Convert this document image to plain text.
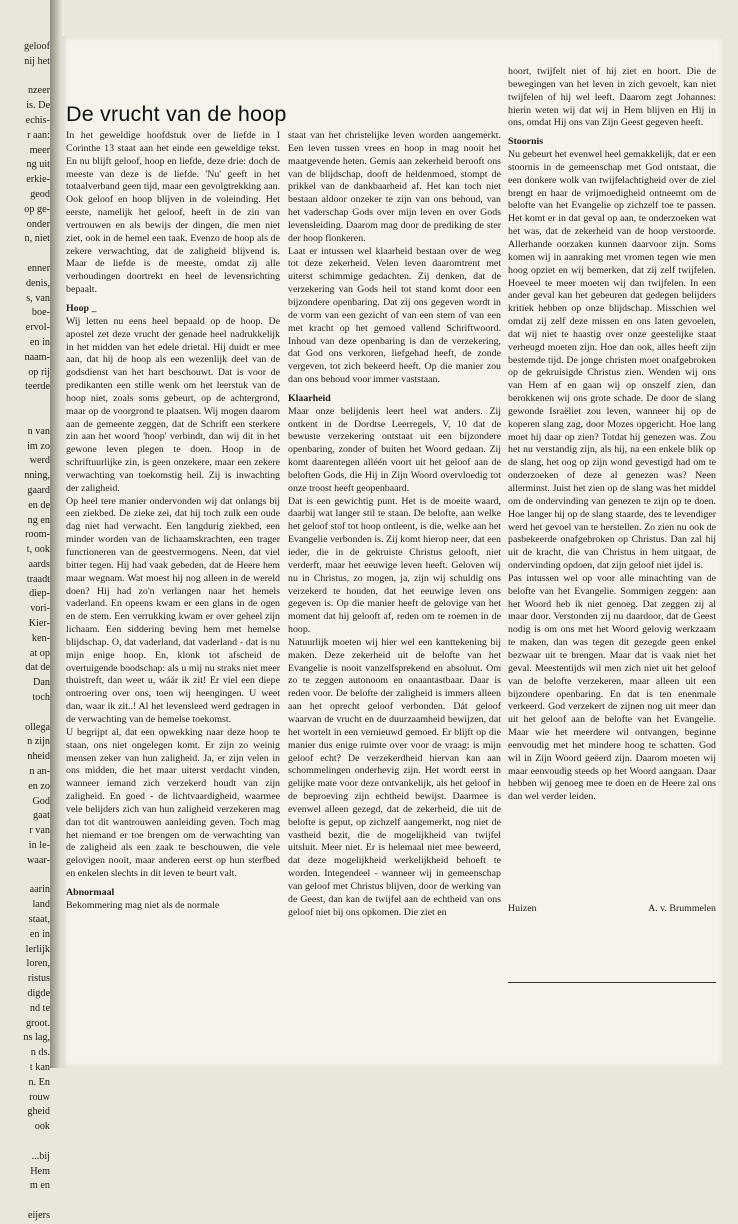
geloof
nij het
nzeer
is. De
echis-
r aan:
meer
ng uit
erkie-
geod
op ge-
onder
n, niet
enner
denis,
s, van
boe-
ervol-
en in
naam-
op rij
teerde
n van
im zo
werd
nning,
gaard
en de
ng en
room-
t, ook
aards
traadt
diep-
vori-
Kier-
ken-
at op
dat de
Dan
toch
ollega
n zijn
nheid
n an-
en zo
God
gaat
r van
in le-
waar-
aarin
land
staat,
en in
lerlijk
loren,
ristus
digde
nd te
groot.
ns lag,
n ds.
t kan
n. En
rouw
gheid
ook
...bij
Hem
m en
eijers
De vrucht van de hoop

In het geweldige hoofdstuk over de liefde in I Corinthe 13 staat aan het einde een geweldige tekst. En nu blijft geloof, hoop en liefde, deze drie: doch de meeste van deze is de liefde. 'Nu' geeft in het totaalverband geen tijd, maar een gevolgtrekking aan. Ook geloof en hoop blijven in de voleinding. Het eerste, namelijk het geloof, heeft in de zin van vertrouwen en als bewijs der dingen, die men niet ziet, ook in de hemel een taak. Evenzo de hoop als de zekere verwachting, dat de zaligheid blijvend is. Maar de liefde is de meeste, omdat zij alle verhoudingen doortrekt en heel de levensrichting bepaalt.

Hoop _

Wij letten nu eens heel bepaald op de hoop. De apostel zet deze vrucht der genade heel nadrukkelijk in het midden van het edele drietal. Hij duidt er mee aan, dat hij de hoop als een wezenlijk deel van de godsdienst van het hart beschouwt. Dat is voor de predikanten een stille wenk om het leerstuk van de hoop niet, zoals soms gebeurt, op de achtergrond, maar op de voorgrond te plaatsen. Wij mogen daarom aan de gemeente zeggen, dat de Schrift een sterkere zin aan het woord 'hoop' verbindt, dan wij dit in het gewone leven plegen te doen. Hoop in de schriftuurlijke zin, is geen onzekere, maar een zekere verwachting van toekomstig heil. Zij is inwachting der zaligheid.

Op heel tere manier ondervonden wij dat onlangs bij een ziekbed. De zieke zei, dat hij toch zulk een oude dag niet had verwacht. Een langdurig ziekbed, een minder worden van de lichaamskrachten, een trager functioneren van de geestvermogens. Neen, dat viel bitter tegen. Hij had vaak gebeden, dat de Heere hem maar wegnam. Wat moest hij nog alleen in de wereld doen? Hij had zo'n verlangen naar het hemels vaderland. En opeens kwam er een glans in de ogen en de stem. Een verrukking kwam er over geheel zijn lichaam. Een siddering beving hem met hemelse blijdschap. O, dat vaderland, dat vaderland - dat is nu mijn enige hoop. En, klonk tot afscheid de overtuigende boodschap: als u mij nu straks niet meer thuistreft, dan weet u, wáár ik zit! Er viel een diepe ontroering over ons, toen wij heengingen. U weet dan, waar ik zit..! Al het levensleed werd gedragen in de verwachting van de hemelse toekomst.

U begrijpt al, dat een opwekking naar deze hoop te staan, ons niet ongelegen komt. Er zijn zo weinig mensen zeker van hun zaligheid. Ja, er zijn velen in ons midden, die het maar uiterst verdacht vinden, wanneer iemand zich verzekerd houdt van zijn zaligheid. En goed - de lichtvaardigheid, waarmee vele belijders zich van hun zaligheid verzekeren mag dan tot dit wantrouwen aanleiding geven. Toch mag het niemand er toe brengen om de verwachting van de zaligheid als een zaak te beschouwen, die vele gelovigen nooit, maar anderen eerst op hun sterfbed en enkelen slechts in dit leven te beurt valt.

Abnormaal

Bekommering mag niet als de normale

staat van het christelijke leven worden aangemerkt. Een leven tussen vrees en hoop in mag nooit het maatgevende heten. Gemis aan zekerheid berooft ons van de blijdschap, dooft de heldenmoed, stompt de prikkel van de dankbaarheid af. Het kan toch niet bestaan aldoor onzeker te zijn van ons behoud, van het vaderschap Gods over mijn leven en over Gods levensleiding. Daarom mag door de prediking de ster der hoop flonkeren.

Laat er intussen wel klaarheid bestaan over de weg tot deze zekerheid. Velen leven daaromtrent met uiterst schimmige gedachten. Zij denken, dat de verzekering van Gods heil tot stand komt door een bijzondere openbaring. Dat zij ons gegeven wordt in de vorm van een gezicht of van een stem of van een met kracht op het gemoed vallend Schriftwoord. Inhoud van deze openbaring is dan de verzekering, dat God ons verkoren, liefgehad heeft, de zonde vergeven, tot zich bekeerd heeft. Op die manier zou dan ons behoud voor immer vaststaan.

Klaarheid

Maar onze belijdenis leert heel wat anders. Zij ontkent in de Dordtse Leerregels, V, 10 dat de bewuste verzekering ontstaat uit een bijzondere openbaring, zonder of buiten het Woord gedaan. Zij komt daarentegen alléén voort uit het geloof aan de beloften Gods, die Hij in Zijn Woord overvloedig tot onze troost heeft geopenbaard.

Dat is een gewichtig punt. Het is de moeite waard, daarbij wat langer stil te staan. De belofte, aan welke het geloof stof tot hoop ontleent, is die, welke aan het Evangelie verbonden is. Zij komt hierop neer, dat een ieder, die in de gekruiste Christus gelooft, niet verderft, maar het eeuwige leven heeft. Geloven wij nu in Christus, zo mogen, ja, zijn wij schuldig ons verzekerd te houden, dat het eeuwige leven ons gegeven is. Op die manier heeft de gelovige van het moment dat hij gelooft af, reden om te roemen in de hoop.

Natuurlijk moeten wij hier wel een kanttekening bij maken. Deze zekerheid uit de belofte van het Evangelie is nooit vanzelfsprekend en absoluut. Om zo te zeggen autonoom en onaantastbaar. Daar is reden voor. De belofte der zaligheid is immers alleen aan het oprecht geloof verbonden. Dát geloof waarvan de vrucht en de duurzaamheid bewijzen, dat het wortelt in een vernieuwd gemoed. Er blijft op die manier dus enige ruimte over voor de vraag: is mijn geloof echt? De verzekerdheid hiervan kan aan schommelingen onderhevig zijn. Het wordt eerst in gelijke mate voor deze ontvankelijk, als het geloof in de beproeving zijn echtheid bewijst. Daarmee is evenwel alleen gezegd, dat de zekerheid, die uit de belofte is geput, op zichzelf aangemerkt, nog niet de vastheid bezit, die de mogelijkheid van twijfel uitsluit. Meer niet. Er is helemaal niet mee beweerd, dat deze mogelijkheid werkelijkheid behoeft te worden. Integendeel - wanneer wij in gemeenschap van geloof met Christus blijven, door de werking van de Geest, dan kan de twijfel aan de echtheid van ons geloof niet bij ons opkomen. Die ziet en

hoort, twijfelt niet of hij ziet en hoort. Die de bewegingen van het leven in zich gevoelt, kan niet twijfelen of hij wel leeft. Daarom zegt Johannes: hierin weten wij dat wij in Hem blijven en Hij in ons, omdat Hij ons van Zijn Geest gegeven heeft.

Stoornis

Nu gebeurt het evenwel heel gemakkelijk, dat er een stoornis in de gemeenschap met God ontstaat, die een donkere wolk van twijfelachtigheid over de ziel brengt en haar de vrijmoedigheid ontneemt om de belofte van het Evangelie op zichzelf toe te passen. Het komt er in dat geval op aan, te onderzoeken wat het was, dat de zekerheid van de hoop verstoorde. Allerhande oorzaken kunnen daarvoor zijn. Soms komen wij in aanraking met vromen tegen wie men hoog opziet en wij bemerken, dat zij zelf twijfelen. Hoeveel te meer moeten wij dan twijfelen. In een ander geval kan het gebeuren dat gedegen belijders kritiek hebben op onze blijdschap. Misschien wel omdat zij zelf deze missen en ons laten gevoelen, dat wij niet te haastig over onze geestelijke staat verheugd moeten zijn. Hoe dan ook, alles heeft zijn bestemde tijd. De jonge christen moet onafgebroken op de gekruisigde Christus zien. Wenden wij ons van Hem af en gaan wij op onszelf zien, dan berokkenen wij ons grote schade. De door de slang gewonde Israëliet zou leven, wanneer hij op de koperen slang zag, door Mozes opgericht. Hoe lang moet hij daar op zien? Totdat hij genezen was. Zou het nu verstandig zijn, als hij, na een enkele blik op de slang, het oog op zijn wond gevestigd had om te onderzoeken of deze al genezen was? Neen allerminst. Juist het zien op de slang was het middel om de ondervinding van genezen te zijn op te doen. Hoe langer hij op de slang staarde, des te levendiger werd het gevoel van te herstellen. Zo zien nu ook de pasbekeerde onafgebroken op Christus. Dan zal hij uit de kracht, die van Christus in hem uitgaat, de ondervinding opdoen, dat zijn geloof niet ijdel is.

Pas intussen wel op voor alle minachting van de belofte van het Evangelie. Sommigen zeggen: aan het Woord heb ik niet genoeg. Dat zeggen zij al maar door. Verstonden zij nu daardoor, dat de Geest nodig is om ons met het Woord gelovig werkzaam te maken, dan was tegen dit gezegde geen enkel bezwaar uit te brengen. Maar dat is vaak niet het geval. Meestentijds wil men zich niet uit het geloof van de belofte verzekeren, maar alleen uit een bijzondere openbaring. En dat is ten enenmale verkeerd. God verzekert de zijnen nog uit meer dan uit het geloof aan de belofte van het Evangelie. Maar wie het meerdere wil ontvangen, beginne eenvoudig met het mindere hoog te schatten. God wil in Zijn Woord geëerd zijn. Daarom moeten wij maar eenvoudig steeds op het Woord aangaan. Daar hebben wij genoeg mee te doen en de Heere zal ons dan wel verder leiden.

Huizen	A. v. Brummelen
